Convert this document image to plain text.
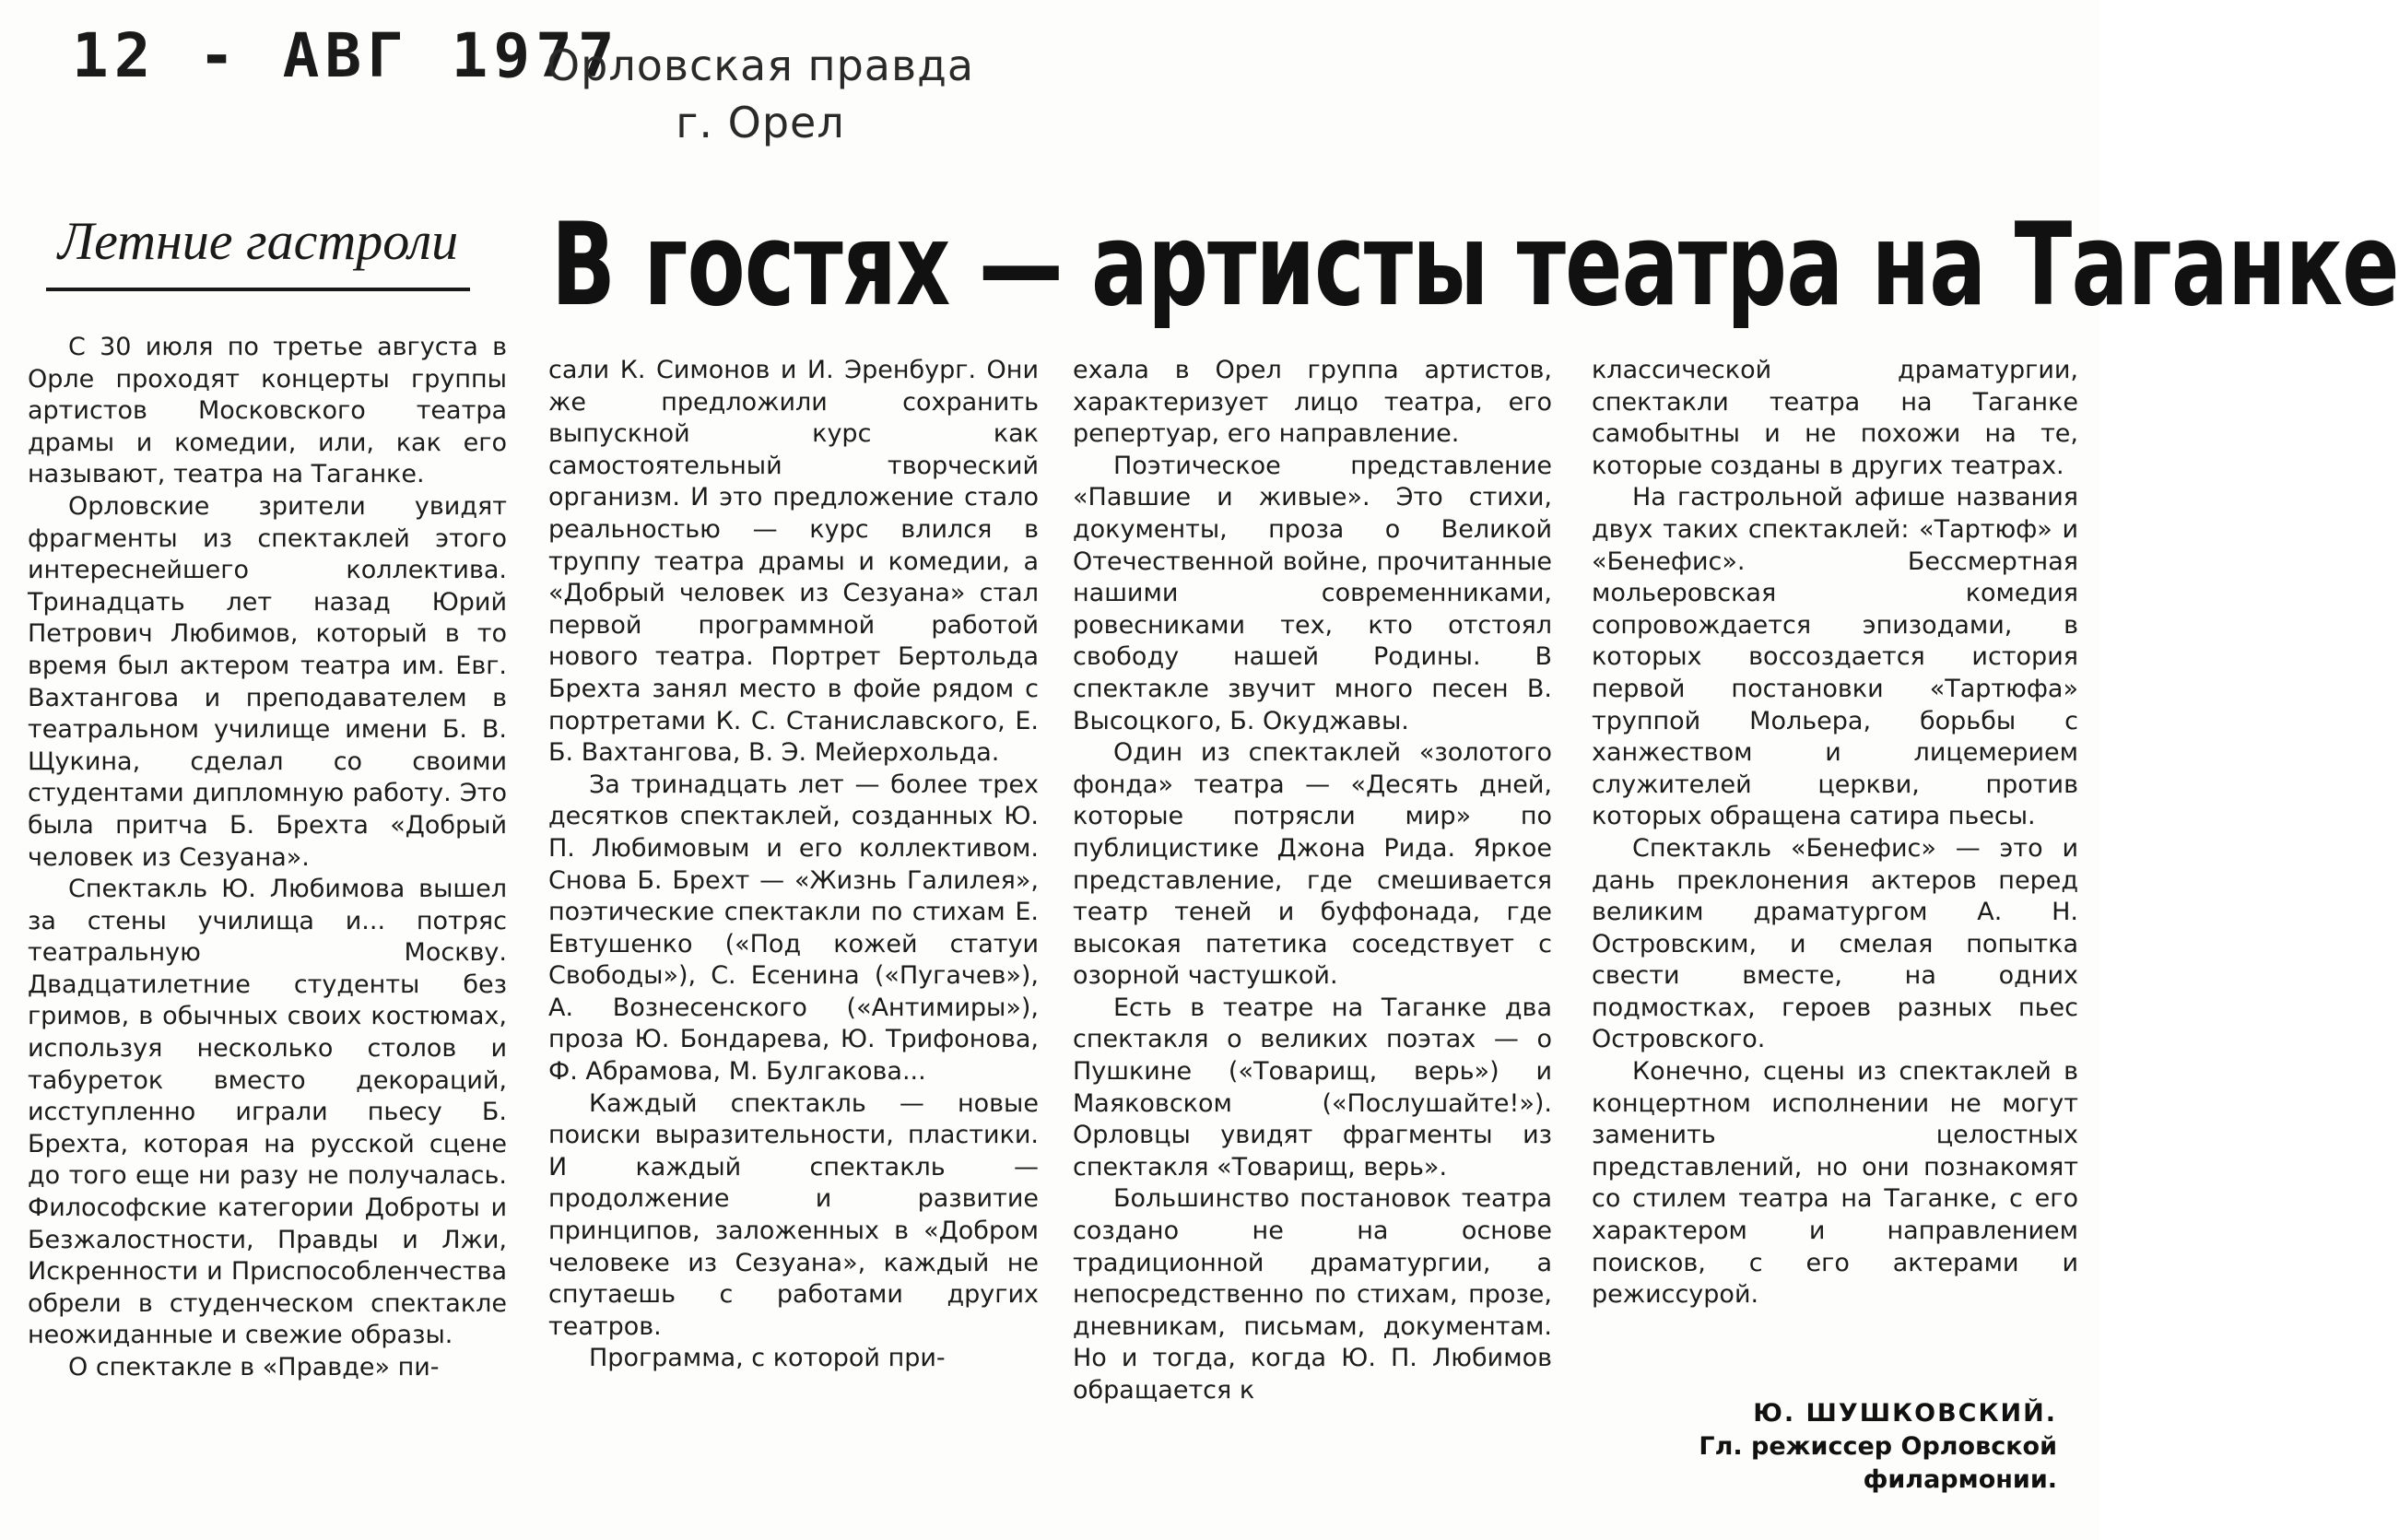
12 - АВГ 1977
Орловская правда
г. Орел
Летние гастроли В гостях — артисты театра на Таганке

С 30 июля по третье августа в Орле проходят концерты группы артистов Московского театра драмы и комедии, или, как его называют, театра на Таганке.

Орловские зрители увидят фрагменты из спектаклей этого интереснейшего коллектива. Тринадцать лет назад Юрий Петрович Любимов, который в то время был актером театра им. Евг. Вахтангова и преподавателем в театральном училище имени Б. В. Щукина, сделал со своими студентами дипломную работу. Это была притча Б. Брехта «Добрый человек из Сезуана».

Спектакль Ю. Любимова вышел за стены училища и... потряс театральную Москву. Двадцатилетние студенты без гримов, в обычных своих костюмах, используя несколько столов и табуреток вместо декораций, исступленно играли пьесу Б. Брехта, которая на русской сцене до того еще ни разу не получалась. Философские категории Доброты и Безжалостности, Правды и Лжи, Искренности и Приспособленчества обрели в студенческом спектакле неожиданные и свежие образы.

О спектакле в «Правде» пи-

сали К. Симонов и И. Эренбург. Они же предложили сохранить выпускной курс как самостоятельный творческий организм. И это предложение стало реальностью — курс влился в труппу театра драмы и комедии, а «Добрый человек из Сезуана» стал первой программной работой нового театра. Портрет Бертольда Брехта занял место в фойе рядом с портретами К. С. Станиславского, Е. Б. Вахтангова, В. Э. Мейерхольда.

За тринадцать лет — более трех десятков спектаклей, созданных Ю. П. Любимовым и его коллективом. Снова Б. Брехт — «Жизнь Галилея», поэтические спектакли по стихам Е. Евтушенко («Под кожей статуи Свободы»), С. Есенина («Пугачев»), А. Вознесенского («Антимиры»), проза Ю. Бондарева, Ю. Трифонова, Ф. Абрамова, М. Булгакова...

Каждый спектакль — новые поиски выразительности, пластики. И каждый спектакль — продолжение и развитие принципов, заложенных в «Добром человеке из Сезуана», каждый не спутаешь с работами других театров.

Программа, с которой при-

ехала в Орел группа артистов, характеризует лицо театра, его репертуар, его направление.

Поэтическое представление «Павшие и живые». Это стихи, документы, проза о Великой Отечественной войне, прочитанные нашими современниками, ровесниками тех, кто отстоял свободу нашей Родины. В спектакле звучит много песен В. Высоцкого, Б. Окуджавы.

Один из спектаклей «золотого фонда» театра — «Десять дней, которые потрясли мир» по публицистике Джона Рида. Яркое представление, где смешивается театр теней и буффонада, где высокая патетика соседствует с озорной частушкой.

Есть в театре на Таганке два спектакля о великих поэтах — о Пушкине («Товарищ, верь») и Маяковском («Послушайте!»). Орловцы увидят фрагменты из спектакля «Товарищ, верь».

Большинство постановок театра создано не на основе традиционной драматургии, а непосредственно по стихам, прозе, дневникам, письмам, документам. Но и тогда, когда Ю. П. Любимов обращается к

классической драматургии, спектакли театра на Таганке самобытны и не похожи на те, которые созданы в других театрах.

На гастрольной афише названия двух таких спектаклей: «Тартюф» и «Бенефис». Бессмертная мольеровская комедия сопровождается эпизодами, в которых воссоздается история первой постановки «Тартюфа» труппой Мольера, борьбы с ханжеством и лицемерием служителей церкви, против которых обращена сатира пьесы.

Спектакль «Бенефис» — это и дань преклонения актеров перед великим драматургом А. Н. Островским, и смелая попытка свести вместе, на одних подмостках, героев разных пьес Островского.

Конечно, сцены из спектаклей в концертном исполнении не могут заменить целостных представлений, но они познакомят со стилем театра на Таганке, с его характером и направлением поисков, с его актерами и режиссурой.

Ю. ШУШКОВСКИЙ.
Гл. режиссер Орловской филармонии.
